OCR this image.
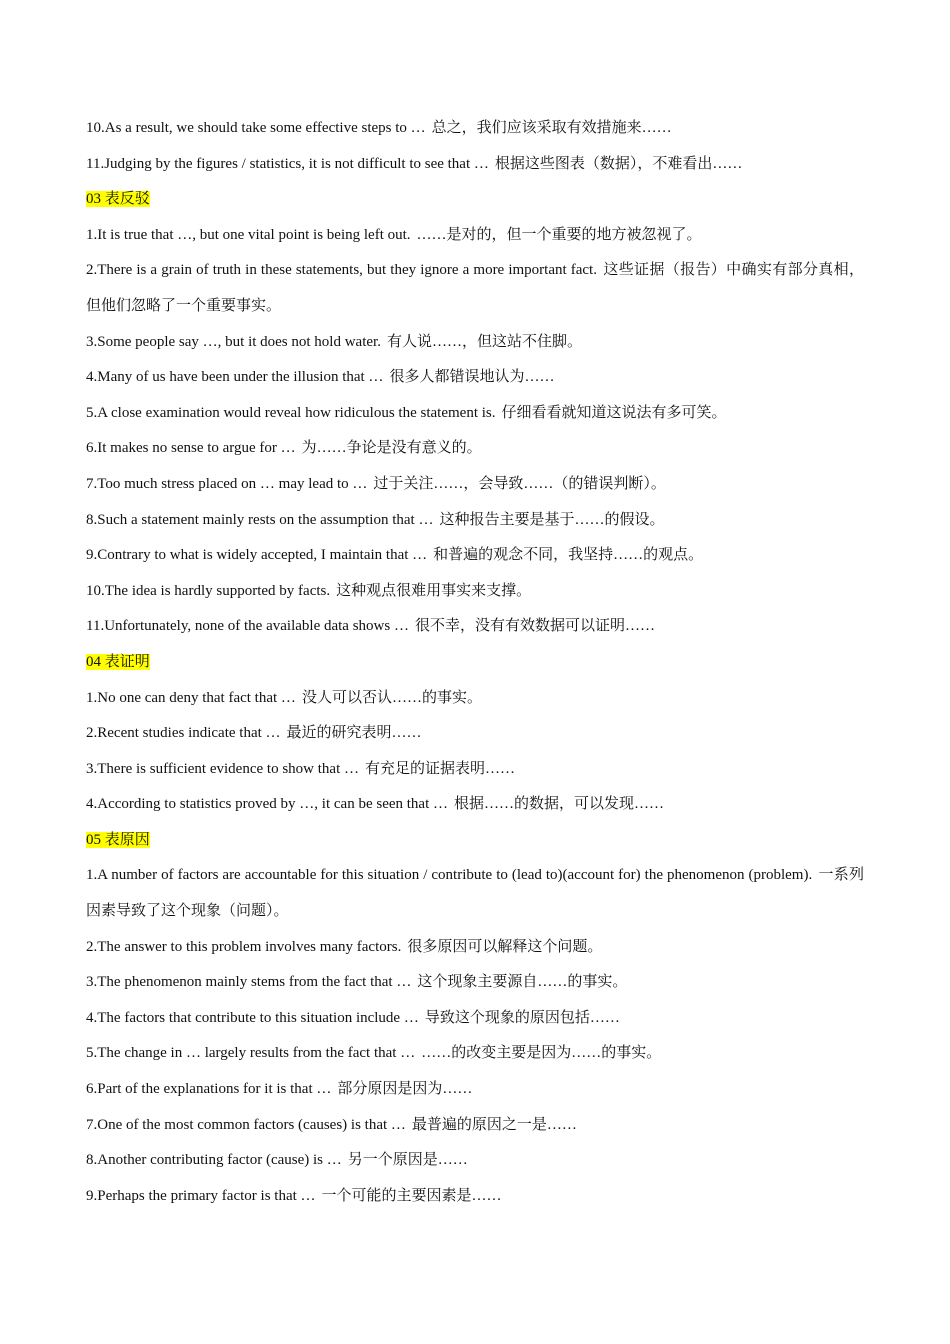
10.As a result, we should take some effective steps to … 总之，我们应该采取有效措施来……
11.Judging by the figures / statistics, it is not difficult to see that … 根据这些图表（数据），不难看出……
03 表反驳
1.It is true that …, but one vital point is being left out. ……是对的，但一个重要的地方被忽视了。
2.There is a grain of truth in these statements, but they ignore a more important fact. 这些证据（报告）中确实有部分真相，但他们忽略了一个重要事实。
3.Some people say …, but it does not hold water. 有人说……，但这站不住脚。
4.Many of us have been under the illusion that … 很多人都错误地认为……
5.A close examination would reveal how ridiculous the statement is. 仔细看看就知道这说法有多可笑。
6.It makes no sense to argue for … 为……争论是没有意义的。
7.Too much stress placed on … may lead to … 过于关注……，会导致……（的错误判断）。
8.Such a statement mainly rests on the assumption that … 这种报告主要是基于……的假设。
9.Contrary to what is widely accepted, I maintain that … 和普遍的观念不同，我坚持……的观点。
10.The idea is hardly supported by facts. 这种观点很难用事实来支撑。
11.Unfortunately, none of the available data shows … 很不幸，没有有效数据可以证明……
04 表证明
1.No one can deny that fact that … 没人可以否认……的事实。
2.Recent studies indicate that … 最近的研究表明……
3.There is sufficient evidence to show that … 有充足的证据表明……
4.According to statistics proved by …, it can be seen that … 根据……的数据，可以发现……
05 表原因
1.A number of factors are accountable for this situation / contribute to (lead to)(account for) the phenomenon (problem). 一系列因素导致了这个现象（问题）。
2.The answer to this problem involves many factors. 很多原因可以解释这个问题。
3.The phenomenon mainly stems from the fact that … 这个现象主要源自……的事实。
4.The factors that contribute to this situation include … 导致这个现象的原因包括……
5.The change in … largely results from the fact that … ……的改变主要是因为……的事实。
6.Part of the explanations for it is that … 部分原因是因为……
7.One of the most common factors (causes) is that … 最普遍的原因之一是……
8.Another contributing factor (cause) is … 另一个原因是……
9.Perhaps the primary factor is that … 一个可能的主要因素是……
